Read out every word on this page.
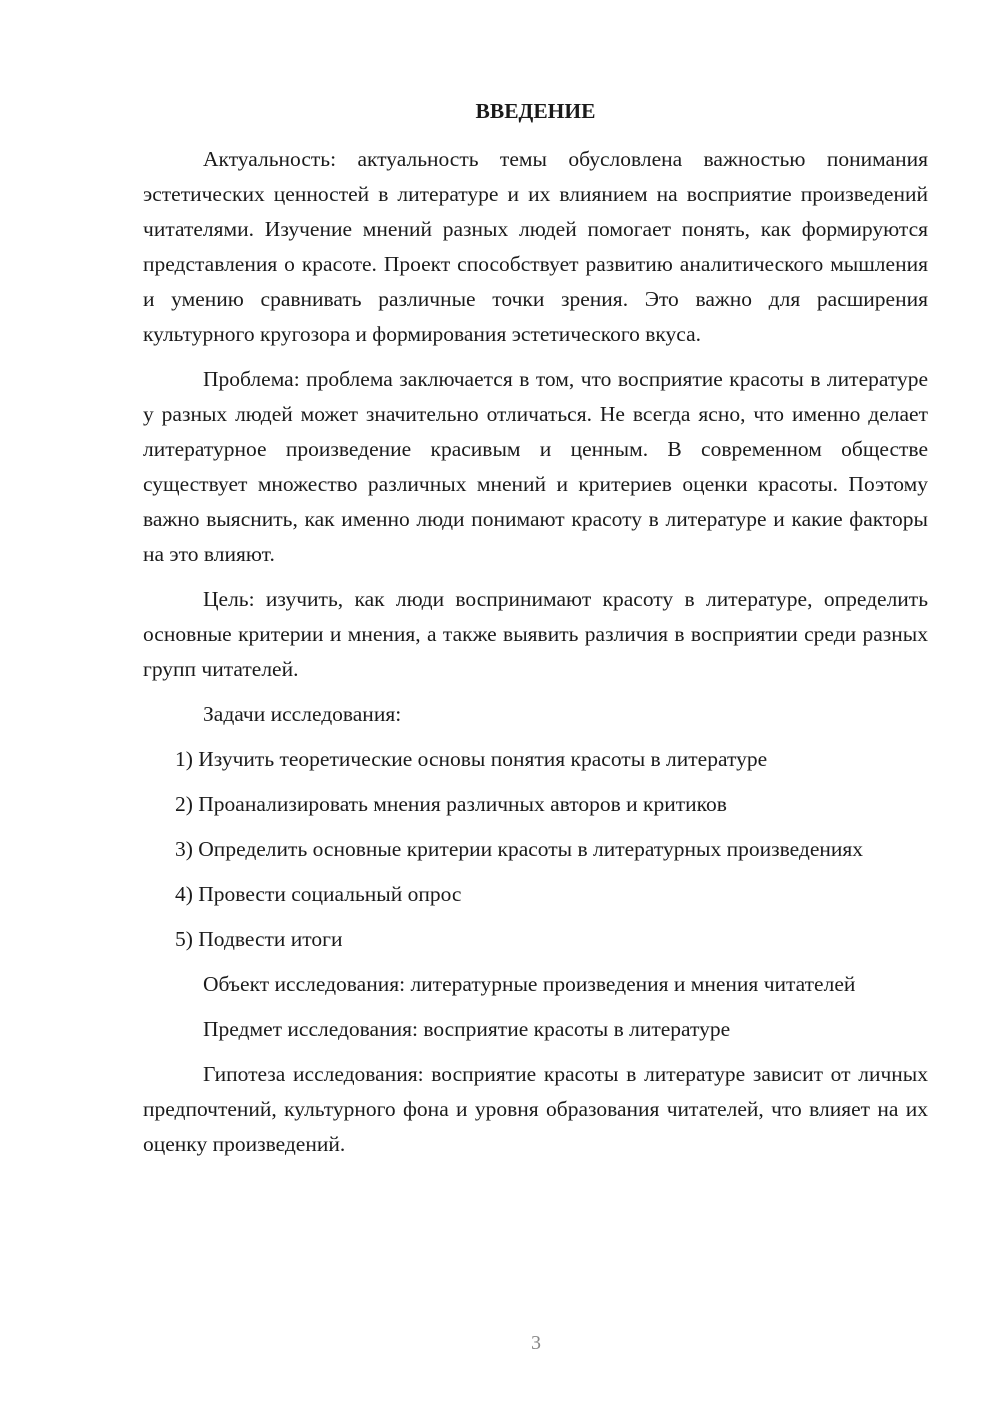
ВВЕДЕНИЕ

Актуальность: актуальность темы обусловлена важностью понимания эстетических ценностей в литературе и их влиянием на восприятие произведений читателями. Изучение мнений разных людей помогает понять, как формируются представления о красоте. Проект способствует развитию аналитического мышления и умению сравнивать различные точки зрения. Это важно для расширения культурного кругозора и формирования эстетического вкуса.

Проблема: проблема заключается в том, что восприятие красоты в литературе у разных людей может значительно отличаться. Не всегда ясно, что именно делает литературное произведение красивым и ценным. В современном обществе существует множество различных мнений и критериев оценки красоты. Поэтому важно выяснить, как именно люди понимают красоту в литературе и какие факторы на это влияют.

Цель: изучить, как люди воспринимают красоту в литературе, определить основные критерии и мнения, а также выявить различия в восприятии среди разных групп читателей.

Задачи исследования:

1) Изучить теоретические основы понятия красоты в литературе
2) Проанализировать мнения различных авторов и критиков
3) Определить основные критерии красоты в литературных произведениях
4) Провести социальный опрос
5) Подвести итоги

Объект исследования: литературные произведения и мнения читателей

Предмет исследования: восприятие красоты в литературе

Гипотеза исследования: восприятие красоты в литературе зависит от личных предпочтений, культурного фона и уровня образования читателей, что влияет на их оценку произведений.

3
